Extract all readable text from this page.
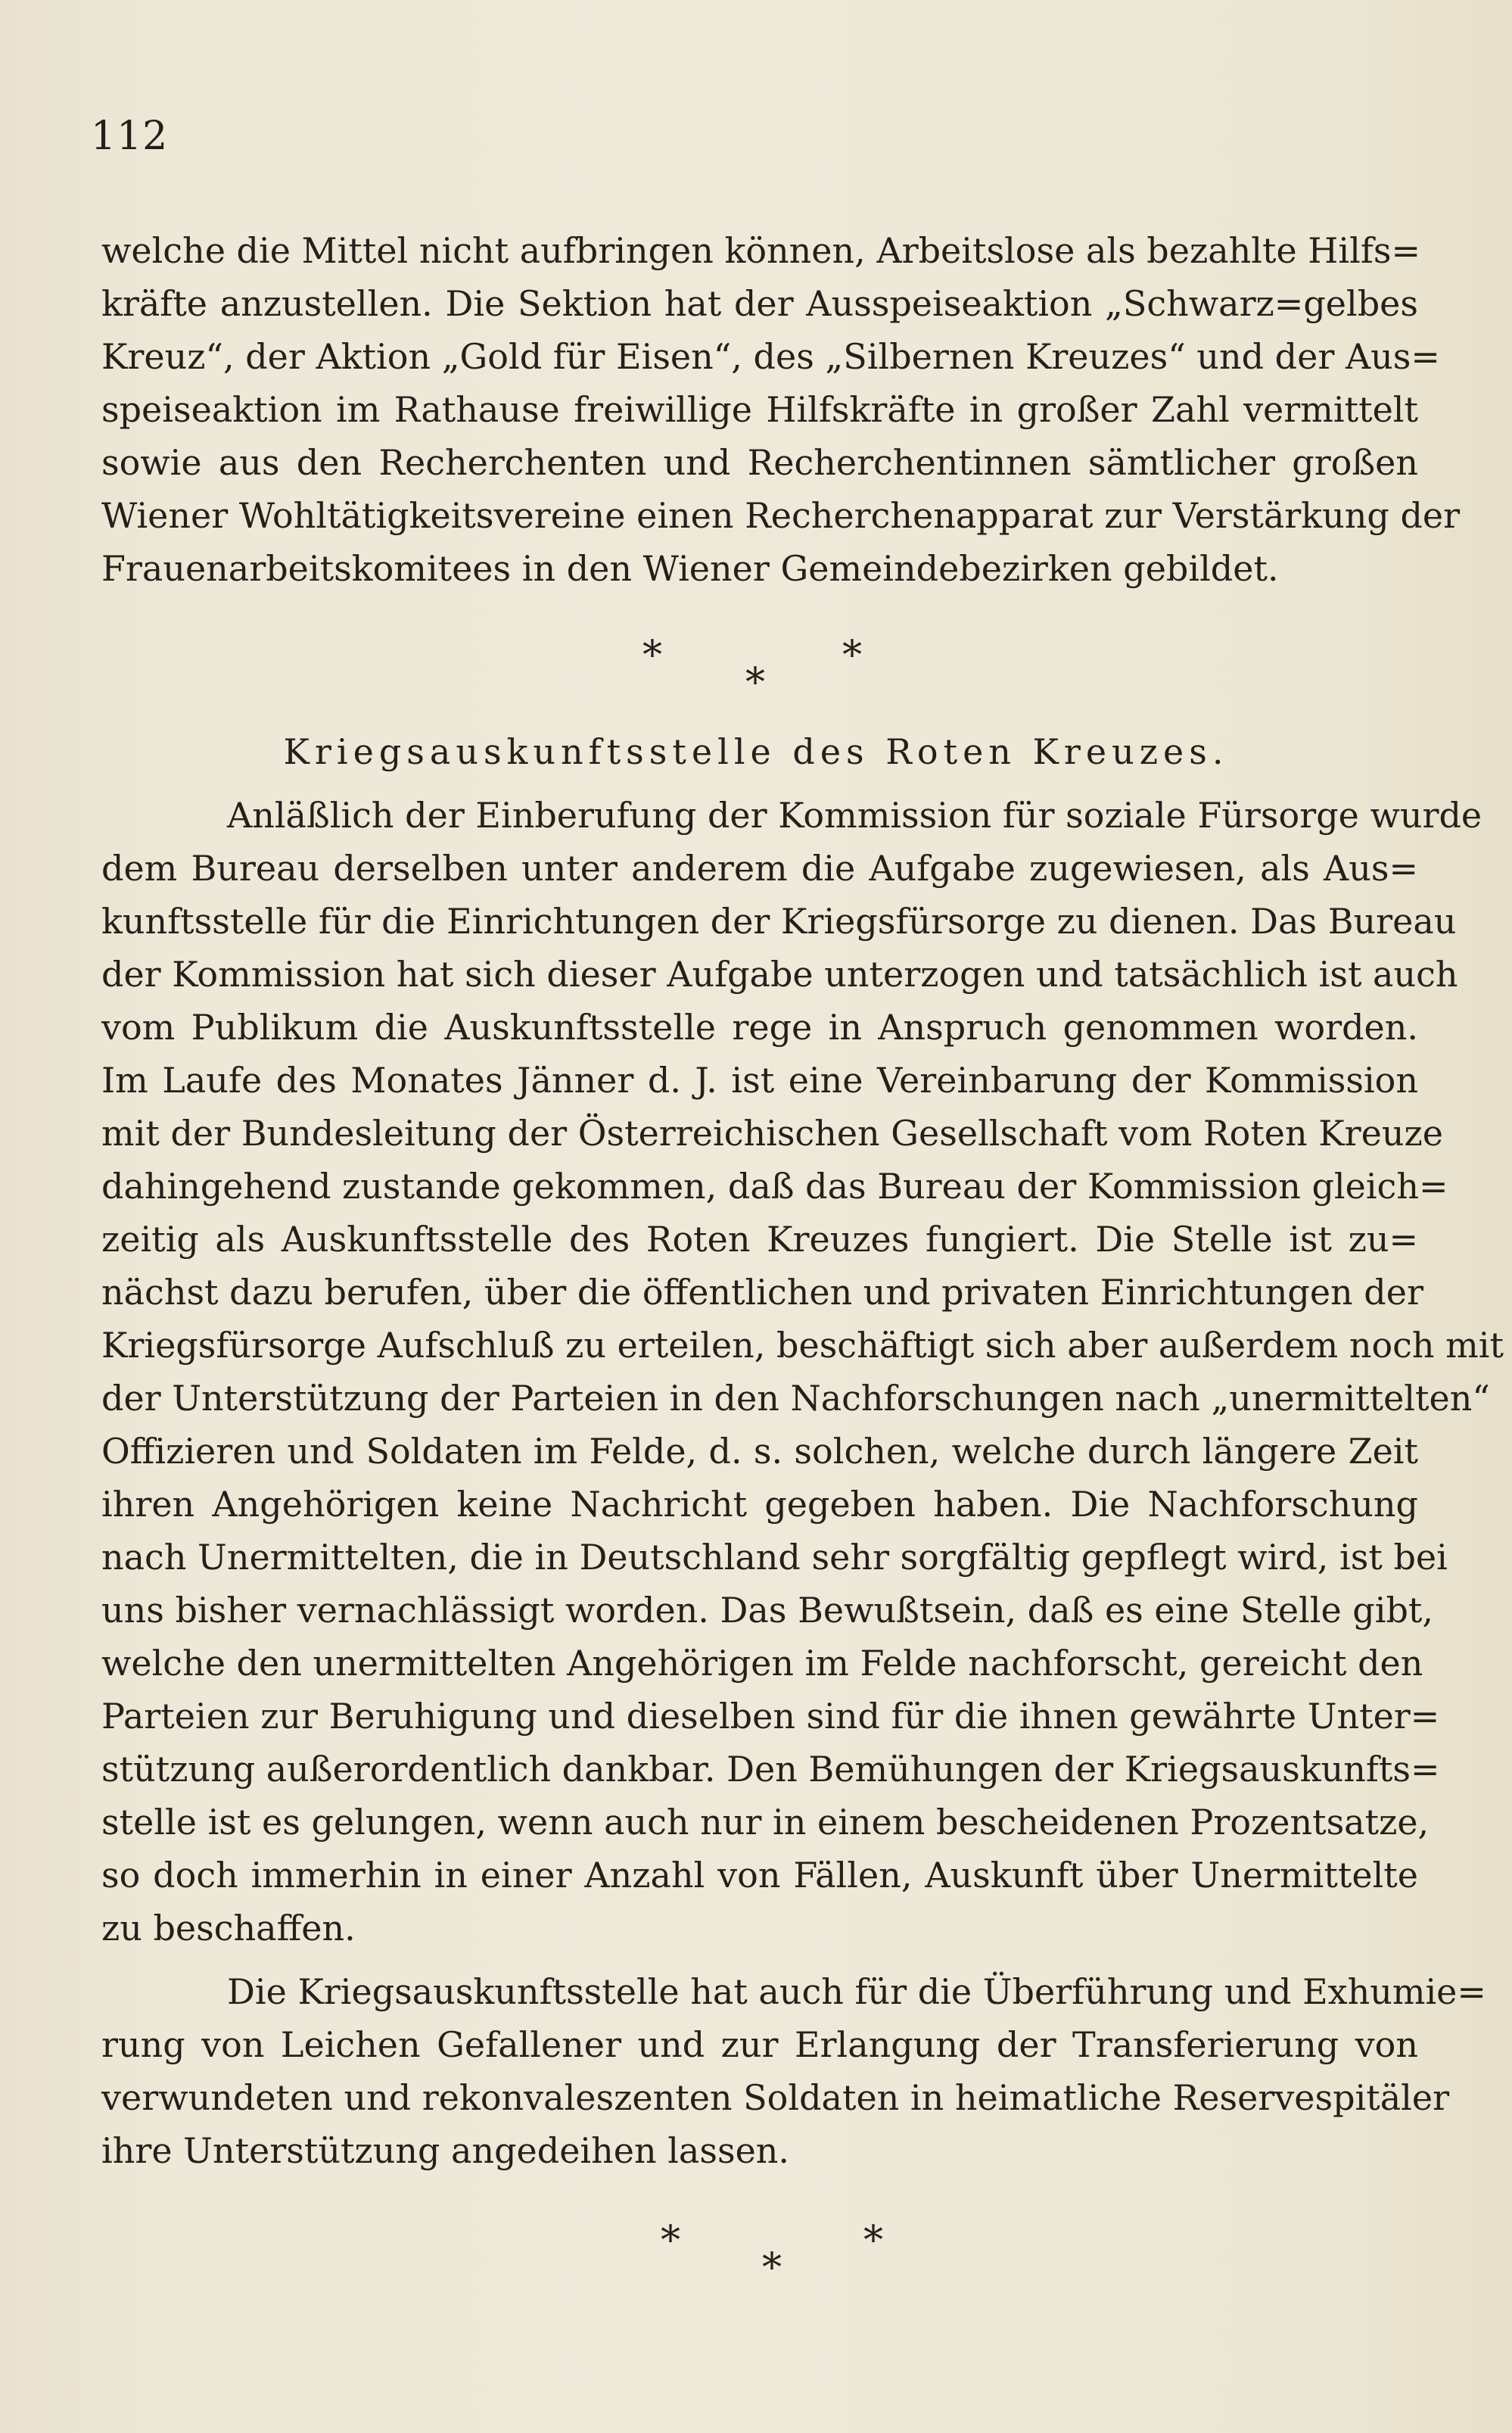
112
welche die Mittel nicht aufbringen können, Arbeitslose als bezahlte Hilfs=
kräfte anzustellen. Die Sektion hat der Ausspeiseaktion „Schwarz=gelbes
Kreuz“, der Aktion „Gold für Eisen“, des „Silbernen Kreuzes“ und der Aus=
speiseaktion im Rathause freiwillige Hilfskräfte in großer Zahl vermittelt
sowie aus den Recherchenten und Recherchentinnen sämtlicher großen
Wiener Wohltätigkeitsvereine einen Recherchenapparat zur Verstärkung der
Frauenarbeitskomitees in den Wiener Gemeindebezirken gebildet.
*
*
*
Kriegsauskunftsstelle des Roten Kreuzes.
Anläßlich der Einberufung der Kommission für soziale Fürsorge wurde
dem Bureau derselben unter anderem die Aufgabe zugewiesen, als Aus=
kunftsstelle für die Einrichtungen der Kriegsfürsorge zu dienen. Das Bureau
der Kommission hat sich dieser Aufgabe unterzogen und tatsächlich ist auch
vom Publikum die Auskunftsstelle rege in Anspruch genommen worden.
Im Laufe des Monates Jänner d. J. ist eine Vereinbarung der Kommission
mit der Bundesleitung der Österreichischen Gesellschaft vom Roten Kreuze
dahingehend zustande gekommen, daß das Bureau der Kommission gleich=
zeitig als Auskunftsstelle des Roten Kreuzes fungiert. Die Stelle ist zu=
nächst dazu berufen, über die öffentlichen und privaten Einrichtungen der
Kriegsfürsorge Aufschluß zu erteilen, beschäftigt sich aber außerdem noch mit
der Unterstützung der Parteien in den Nachforschungen nach „unermittelten“
Offizieren und Soldaten im Felde, d. s. solchen, welche durch längere Zeit
ihren Angehörigen keine Nachricht gegeben haben. Die Nachforschung
nach Unermittelten, die in Deutschland sehr sorgfältig gepflegt wird, ist bei
uns bisher vernachlässigt worden. Das Bewußtsein, daß es eine Stelle gibt,
welche den unermittelten Angehörigen im Felde nachforscht, gereicht den
Parteien zur Beruhigung und dieselben sind für die ihnen gewährte Unter=
stützung außerordentlich dankbar. Den Bemühungen der Kriegsauskunfts=
stelle ist es gelungen, wenn auch nur in einem bescheidenen Prozentsatze,
so doch immerhin in einer Anzahl von Fällen, Auskunft über Unermittelte
zu beschaffen.
Die Kriegsauskunftsstelle hat auch für die Überführung und Exhumie=
rung von Leichen Gefallener und zur Erlangung der Transferierung von
verwundeten und rekonvaleszenten Soldaten in heimatliche Reservespitäler
ihre Unterstützung angedeihen lassen.
*
*
*
